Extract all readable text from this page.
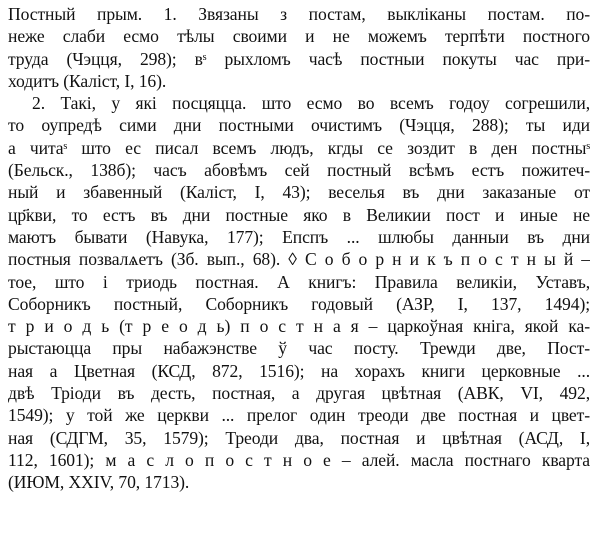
Постный прым. 1. Звязаны з постам, выклiканы постам. по-
неже слаби есмо тѣлы своими и не можемъ терпѣти постного
труда (Чэцця, 298); вˢ рыхломъ часѣ постныи покуты час при-
ходитъ (Калiст, I, 16).
2. Такi, у якi посцяцца. што есмо во всемъ годоу согрешили,
то оупредѣ сими дни постными очистимъ (Чэцця, 288); ты иди
а читаˢ што ес писал всемъ людъ, кгды се зоздит в ден постныˢ
(Бельск., 138б); часъ абовѣмъ сей постный всѣмъ естъ пожитеч-
ный и збавенный (Калiст, I, 43); веселья въ дни заказаные от
цр҃кви, то естъ въ дни постные яко в Великии пост и иные не
маютъ бывати (Навука, 177); Епспъ ... шлюбы данныи въ дни
постныя позвалѧетъ (Зб. вып., 68). ◊ С о б о р н и к ъ п о с т н ы й –
тое, што i триодь постная. А книгъ: Правила великiи, Уставъ,
Соборникъ постный, Соборникъ годовый (АЗР, I, 137, 1494);
т р и о д ь (т р е о д ь) п о с т н а я – царкоўная кнiга, якой ка-
рыстаюцца пры набажэнстве ў час посту. Треѡди две, Пост-
ная а Цветная (КСД, 872, 1516); на хорахъ книги церковные ...
двѣ Трiоди въ десть, постная, а другая цвѣтная (АВК, VI, 492,
1549); у той же церкви ... прелог один треоди две постная и цвет-
ная (СДГМ, 35, 1579); Треоди два, постная и цвѣтная (АСД, I,
112, 1601); м а с л о п о с т н о е – алей. масла постнаго кварта
(ИЮМ, XXIV, 70, 1713).
